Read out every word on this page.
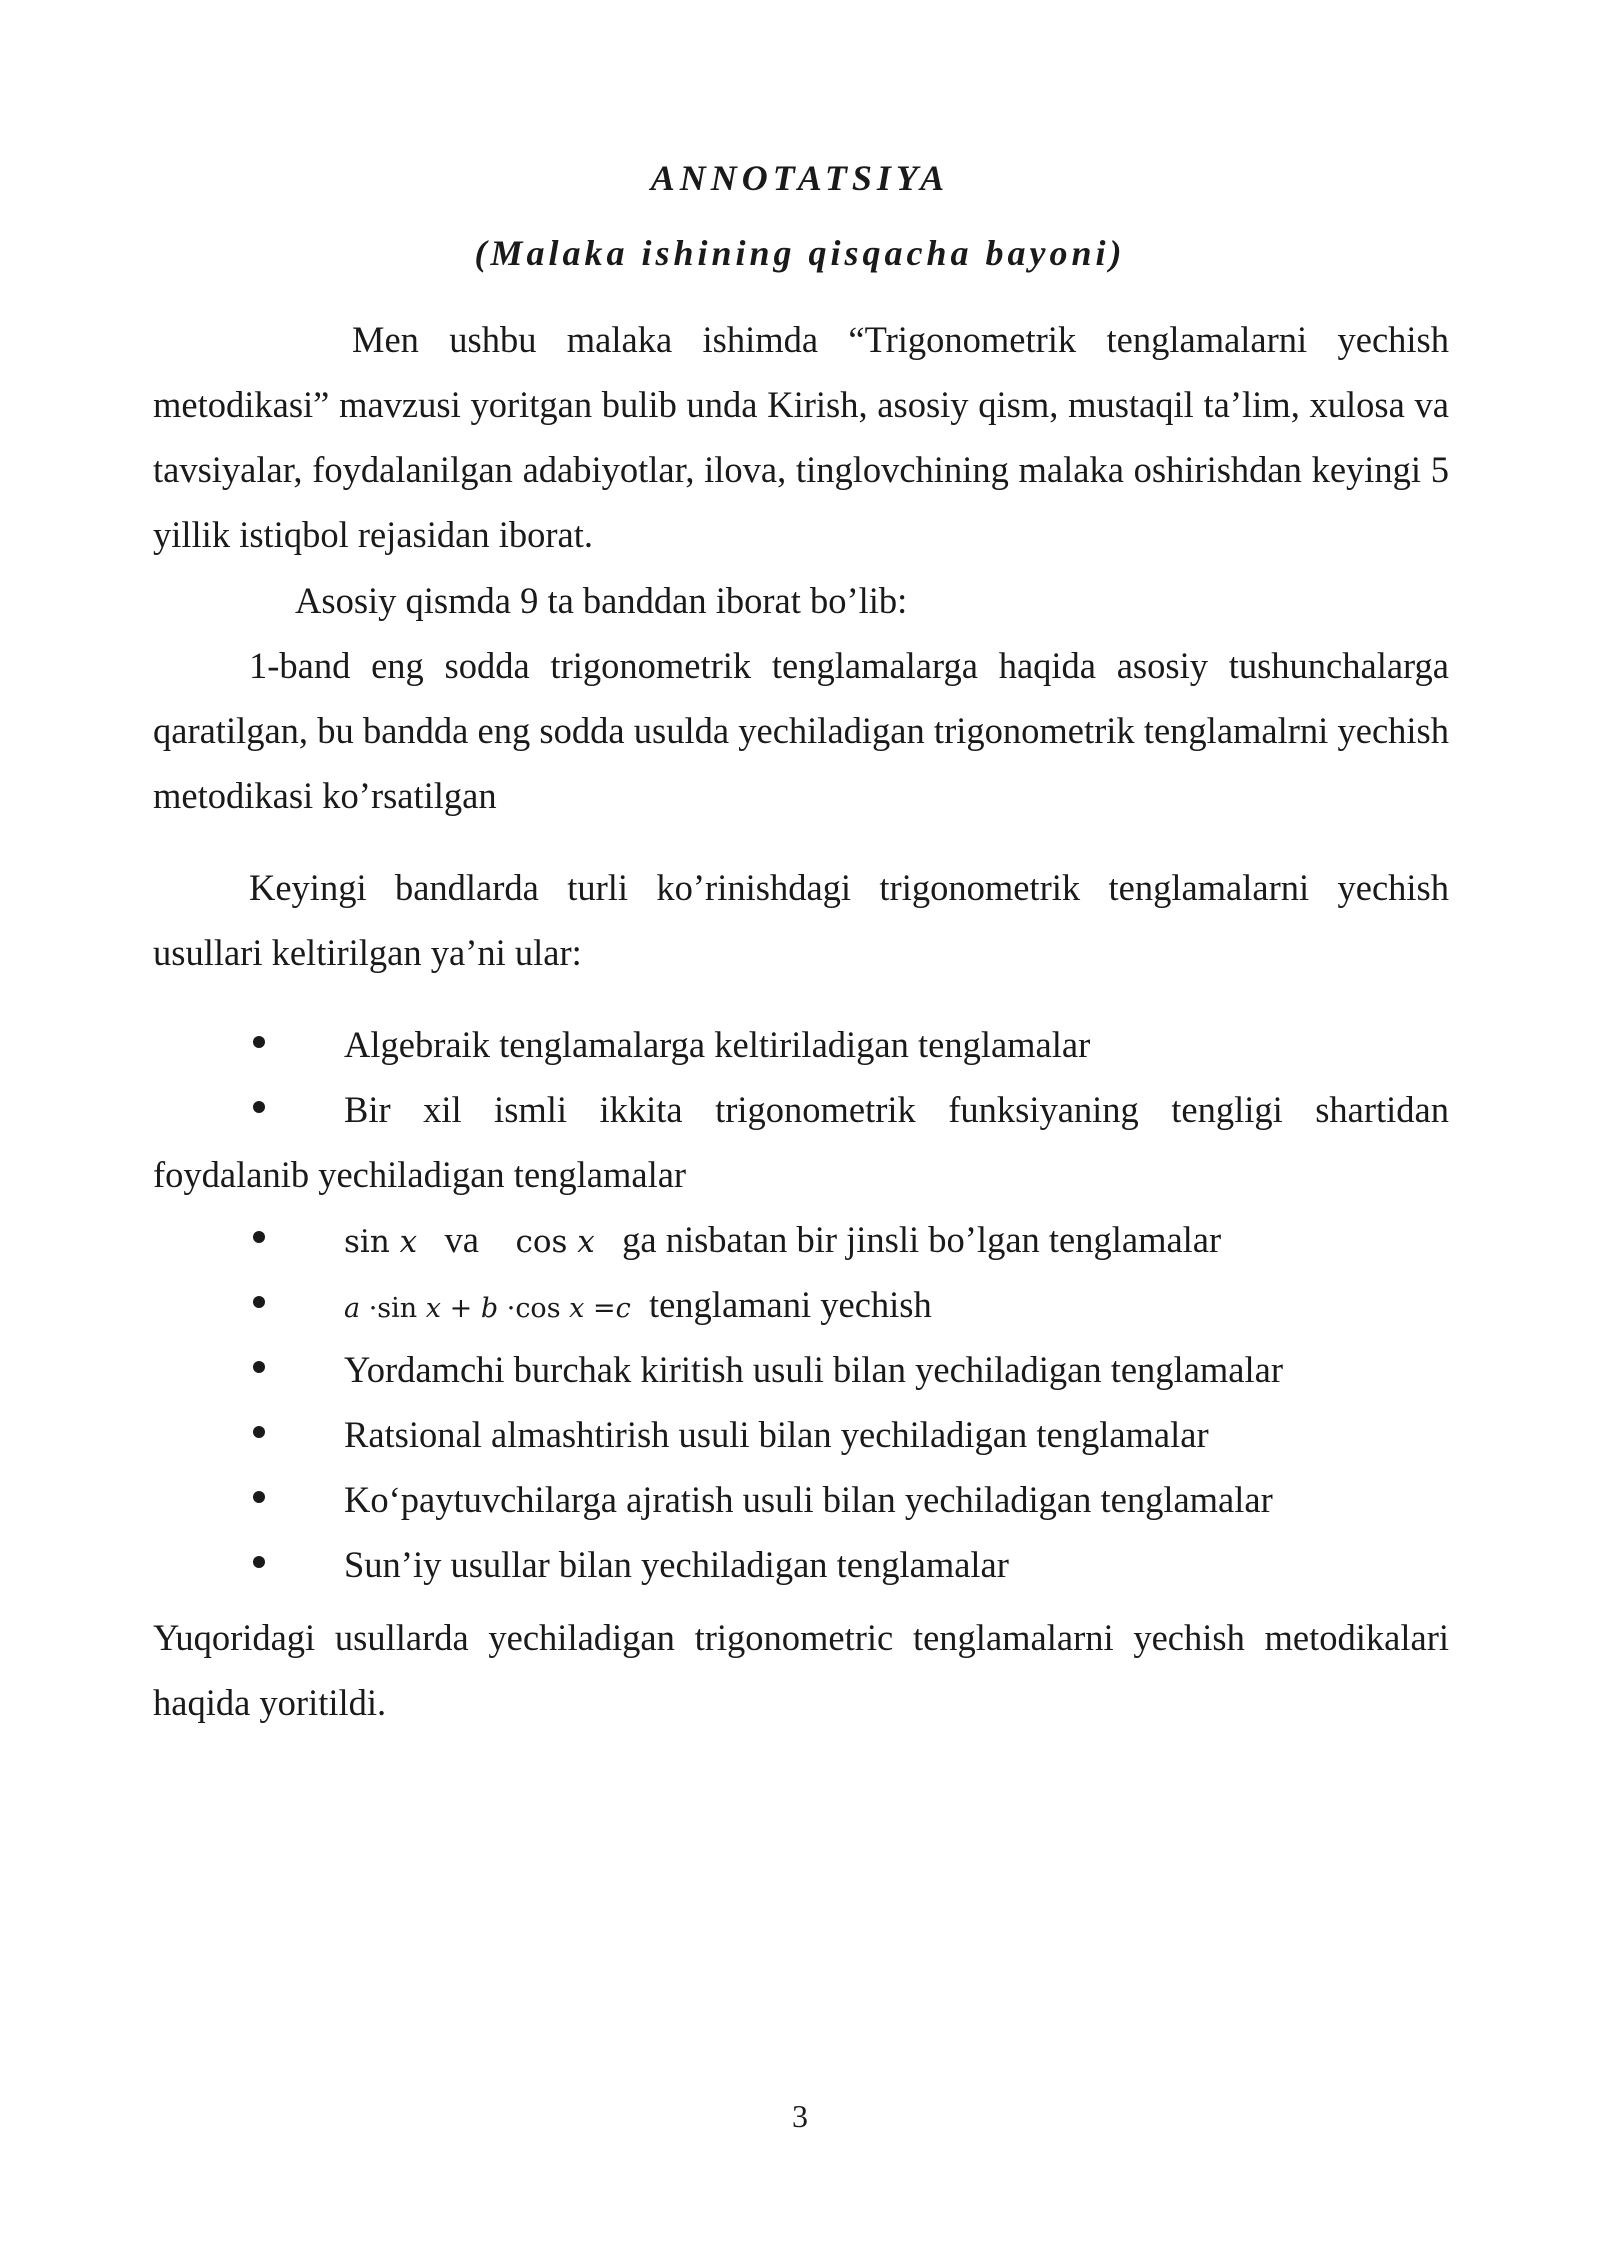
ANNOTATSIYA
(Malaka ishining qisqacha bayoni)
Men ushbu malaka ishimda “Trigonometrik tenglamalarni yechish metodikasi” mavzusi yoritgan bulib unda Kirish, asosiy qism, mustaqil ta’lim, xulosa va tavsiyalar, foydalanilgan adabiyotlar, ilova, tinglovchining malaka oshirishdan keyingi 5 yillik istiqbol rejasidan iborat.
Asosiy qismda 9 ta banddan iborat bo’lib:
1-band eng sodda trigonometrik tenglamalarga haqida asosiy tushunchalarga qaratilgan, bu bandda eng sodda usulda yechiladigan trigonometrik tenglamalrni yechish metodikasi ko’rsatilgan
Keyingi bandlarda turli ko’rinishdagi trigonometrik tenglamalarni yechish usullari keltirilgan ya’ni ular:
Algebraik tenglamalarga keltiriladigan tenglamalar
Bir xil ismli ikkita trigonometrik funksiyaning tengligi shartidan foydalanib yechiladigan tenglamalar
sin x va cos x ga nisbatan bir jinsli bo’lgan tenglamalar
a ·sin x + b ·cos x =c tenglamani yechish
Yordamchi burchak kiritish usuli bilan yechiladigan tenglamalar
Ratsional almashtirish usuli bilan yechiladigan tenglamalar
Ko‘paytuvchilarga ajratish usuli bilan yechiladigan tenglamalar
Sun’iy usullar bilan yechiladigan tenglamalar
Yuqoridagi usullarda yechiladigan trigonometric tenglamalarni yechish metodikalari haqida yoritildi.
3
